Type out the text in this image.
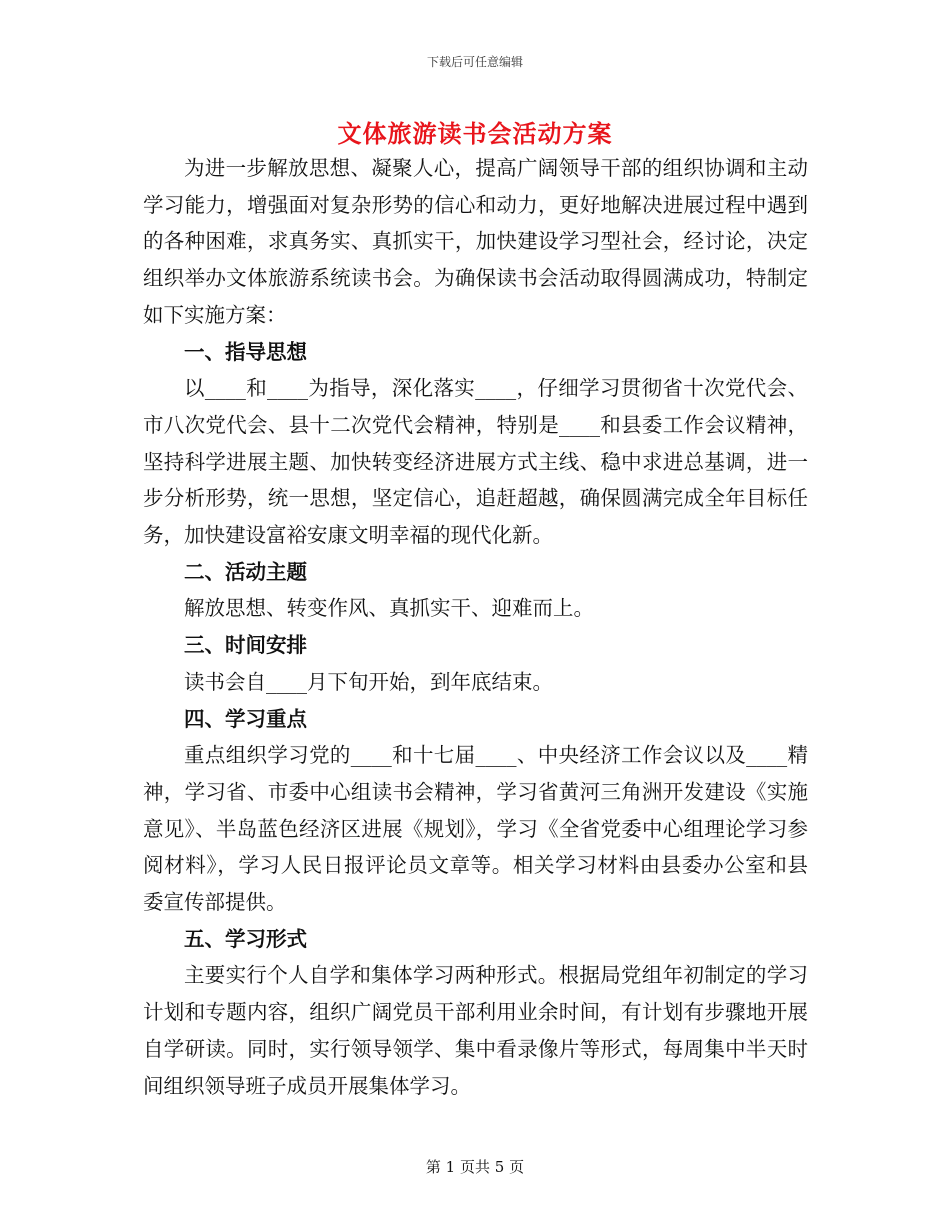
下载后可任意编辑
文体旅游读书会活动方案

为进一步解放思想、凝聚人心，提高广阔领导干部的组织协调和主动学习能力，增强面对复杂形势的信心和动力，更好地解决进展过程中遇到的各种困难，求真务实、真抓实干，加快建设学习型社会，经讨论，决定组织举办文体旅游系统读书会。为确保读书会活动取得圆满成功，特制定如下实施方案：

一、指导思想

以____和____为指导，深化落实____，仔细学习贯彻省十次党代会、市八次党代会、县十二次党代会精神，特别是____和县委工作会议精神，坚持科学进展主题、加快转变经济进展方式主线、稳中求进总基调，进一步分析形势，统一思想，坚定信心，追赶超越，确保圆满完成全年目标任务，加快建设富裕安康文明幸福的现代化新。

二、活动主题

解放思想、转变作风、真抓实干、迎难而上。

三、时间安排

读书会自____月下旬开始，到年底结束。

四、学习重点

重点组织学习党的____和十七届____、中央经济工作会议以及____精神，学习省、市委中心组读书会精神，学习省黄河三角洲开发建设《实施意见》、半岛蓝色经济区进展《规划》，学习《全省党委中心组理论学习参阅材料》，学习人民日报评论员文章等。相关学习材料由县委办公室和县委宣传部提供。

五、学习形式

主要实行个人自学和集体学习两种形式。根据局党组年初制定的学习计划和专题内容，组织广阔党员干部利用业余时间，有计划有步骤地开展自学研读。同时，实行领导领学、集中看录像片等形式，每周集中半天时间组织领导班子成员开展集体学习。

第 1 页共 5 页
